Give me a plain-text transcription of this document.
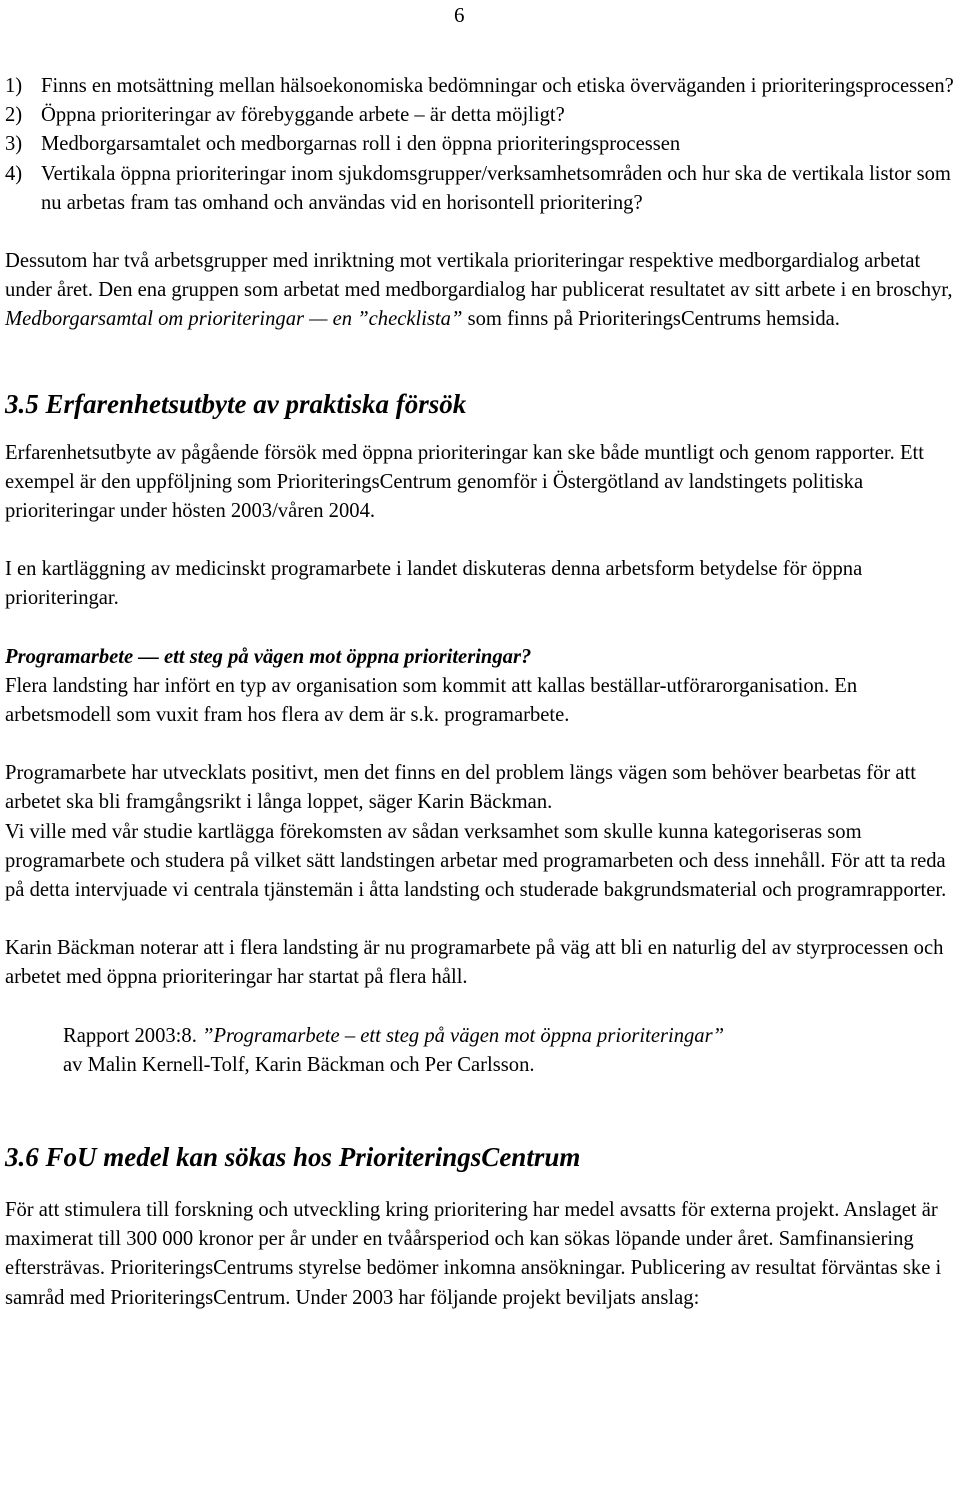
6
1) Finns en motsättning mellan hälsoekonomiska bedömningar och etiska överväganden i prioriteringsprocessen?
2) Öppna prioriteringar av förebyggande arbete – är detta möjligt?
3) Medborgarsamtalet och medborgarnas roll i den öppna prioriteringsprocessen
4) Vertikala öppna prioriteringar inom sjukdomsgrupper/verksamhetsområden och hur ska de vertikala listor som nu arbetas fram tas omhand och användas vid en horisontell prioritering?

Dessutom har två arbetsgrupper med inriktning mot vertikala prioriteringar respektive medborgardialog arbetat under året. Den ena gruppen som arbetat med medborgardialog har publicerat resultatet av sitt arbete i en broschyr, Medborgarsamtal om prioriteringar — en ”checklista” som finns på PrioriteringsCentrums hemsida.

3.5 Erfarenhetsutbyte av praktiska försök

Erfarenhetsutbyte av pågående försök med öppna prioriteringar kan ske både muntligt och genom rapporter. Ett exempel är den uppföljning som PrioriteringsCentrum genomför i Östergötland av landstingets politiska prioriteringar under hösten 2003/våren 2004.

I en kartläggning av medicinskt programarbete i landet diskuteras denna arbetsform betydelse för öppna prioriteringar.

Programarbete — ett steg på vägen mot öppna prioriteringar?

Flera landsting har infört en typ av organisation som kommit att kallas beställar-utförarorganisation. En arbetsmodell som vuxit fram hos flera av dem är s.k. programarbete.

Programarbete har utvecklats positivt, men det finns en del problem längs vägen som behöver bearbetas för att arbetet ska bli framgångsrikt i långa loppet, säger Karin Bäckman.

Vi ville med vår studie kartlägga förekomsten av sådan verksamhet som skulle kunna kategoriseras som programarbete och studera på vilket sätt landstingen arbetar med programarbeten och dess innehåll. För att ta reda på detta intervjuade vi centrala tjänstemän i åtta landsting och studerade bakgrundsmaterial och programrapporter.

Karin Bäckman noterar att i flera landsting är nu programarbete på väg att bli en naturlig del av styrprocessen och arbetet med öppna prioriteringar har startat på flera håll.

Rapport 2003:8. ”Programarbete – ett steg på vägen mot öppna prioriteringar”
av Malin Kernell-Tolf, Karin Bäckman och Per Carlsson.
3.6 FoU medel kan sökas hos PrioriteringsCentrum

För att stimulera till forskning och utveckling kring prioritering har medel avsatts för externa projekt. Anslaget är maximerat till 300 000 kronor per år under en tvåårsperiod och kan sökas löpande under året. Samfinansiering eftersträvas. PrioriteringsCentrums styrelse bedömer inkomna ansökningar. Publicering av resultat förväntas ske i samråd med PrioriteringsCentrum. Under 2003 har följande projekt beviljats anslag:
